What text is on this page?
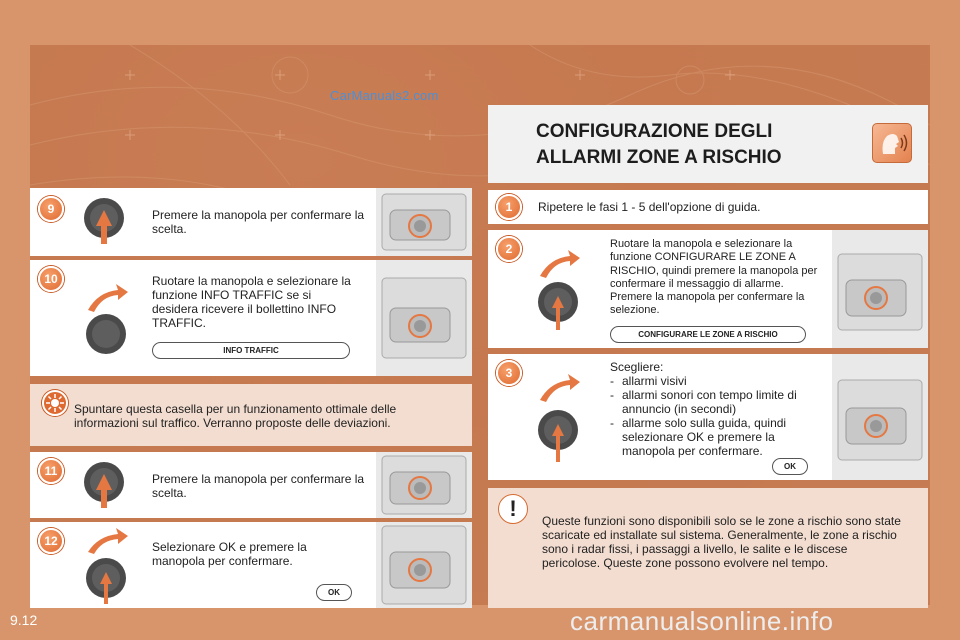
CarManuals2.com
CONFIGURAZIONE DEGLI ALLARMI ZONE A RISCHIO
9	Premere la manopola per confermare la scelta.
10	Ruotare la manopola e selezionare la funzione INFO TRAFFIC se si desidera ricevere il bollettino INFO TRAFFIC.
INFO TRAFFIC
Spuntare questa casella per un funzionamento ottimale delle informazioni sul traffico. Verranno proposte delle deviazioni.
11
Premere la manopola per confermare la scelta.
12	Selezionare OK e premere la manopola per confermare.
OK
1	Ripetere le fasi 1 - 5 dell'opzione di guida.
2	Ruotare la manopola e selezionare la funzione CONFIGURARE LE ZONE A RISCHIO, quindi premere la manopola per confermare il messaggio di allarme. Premere la manopola per confermare la selezione.
CONFIGURARE LE ZONE A RISCHIO
3	Scegliere:
- allarmi visivi
- allarmi sonori con tempo limite di annuncio (in secondi)
- allarme solo sulla guida, quindi selezionare OK e premere la manopola per confermare.
OK
!	Queste funzioni sono disponibili solo se le zone a rischio sono state scaricate ed installate sul sistema. Generalmente, le zone a rischio sono i radar fissi, i passaggi a livello, le salite e le discese pericolose. Queste zone possono evolvere nel tempo.
9.12	carmanualsonline.info
